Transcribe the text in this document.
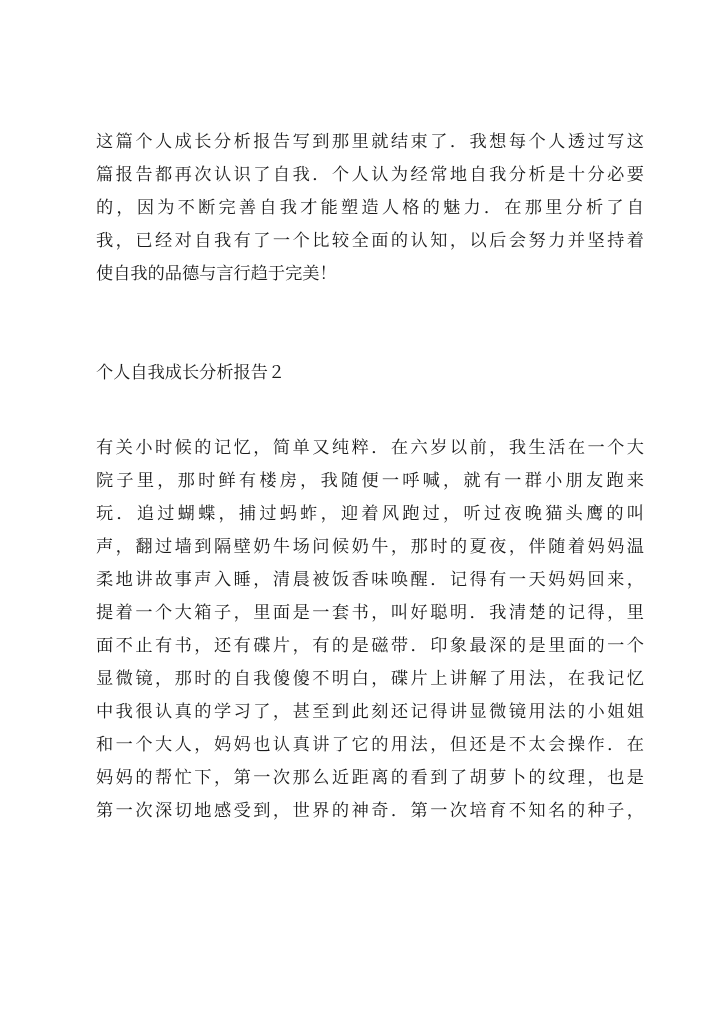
这篇个人成长分析报告写到那里就结束了．我想每个人透过写这
篇报告都再次认识了自我．个人认为经常地自我分析是十分必要
的，因为不断完善自我才能塑造人格的魅力．在那里分析了自
我，已经对自我有了一个比较全面的认知，以后会努力并坚持着
使自我的品德与言行趋于完美！
个人自我成长分析报告２
有关小时候的记忆，简单又纯粹．在六岁以前，我生活在一个大
院子里，那时鲜有楼房，我随便一呼喊，就有一群小朋友跑来
玩．追过蝴蝶，捕过蚂蚱，迎着风跑过，听过夜晚猫头鹰的叫
声，翻过墙到隔壁奶牛场问候奶牛，那时的夏夜，伴随着妈妈温
柔地讲故事声入睡，清晨被饭香味唤醒．记得有一天妈妈回来，
提着一个大箱子，里面是一套书，叫好聪明．我清楚的记得，里
面不止有书，还有碟片，有的是磁带．印象最深的是里面的一个
显微镜，那时的自我傻傻不明白，碟片上讲解了用法，在我记忆
中我很认真的学习了，甚至到此刻还记得讲显微镜用法的小姐姐
和一个大人，妈妈也认真讲了它的用法，但还是不太会操作．在
妈妈的帮忙下，第一次那么近距离的看到了胡萝卜的纹理，也是
第一次深切地感受到，世界的神奇．第一次培育不知名的种子，
